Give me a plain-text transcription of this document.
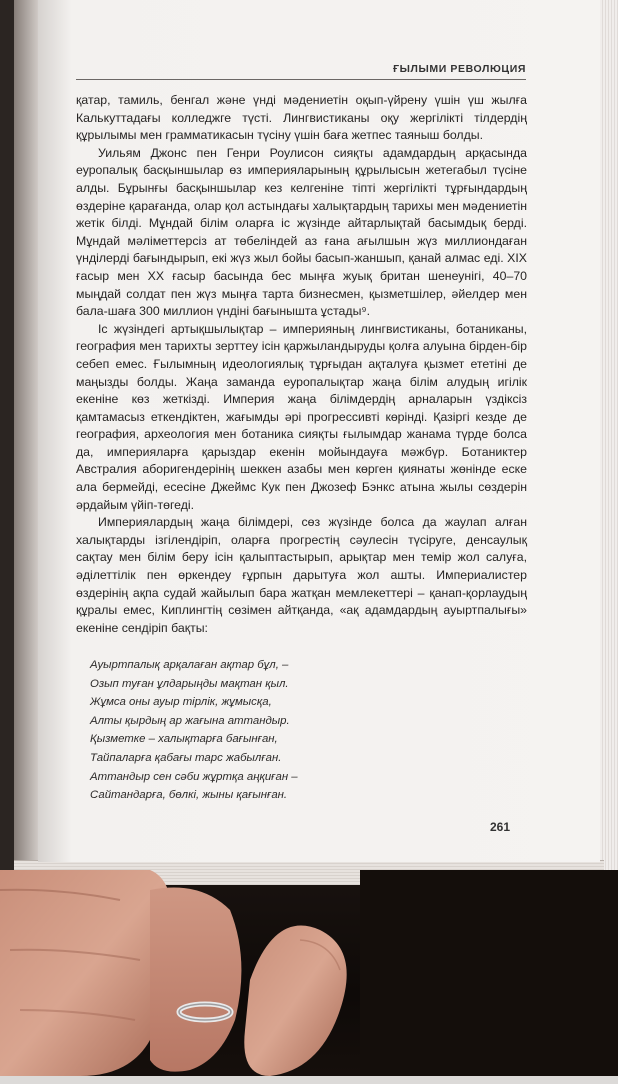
ҒЫЛЫМИ РЕВОЛЮЦИЯ

қатар, тамиль, бенгал және үнді мәдениетін оқып-үйрену үшін үш жылға Калькуттадағы колледжге түсті. Лингвистиканы оқу жергілікті тілдердің құрылымы мен грамматикасын түсіну үшін баға жетпес таяныш болды.

Уильям Джонс пен Генри Роулисон сияқты адамдардың арқасында еуропалық басқыншылар өз империяларының құрылысын жетегабыл түсіне алды. Бұрынғы басқыншылар кез келгеніне тіпті жергілікті тұрғындардың өздеріне қарағанда, олар қол астындағы халықтардың тарихы мен мәдениетін жетік білді. Мұндай білім оларға іс жүзінде айтарлықтай басымдық берді. Мұндай мәліметтерсіз ат төбеліндей аз ғана ағылшын жүз миллиондаған үнділерді бағындырып, екі жүз жыл бойы басып-жаншып, қанай алмас еді. XIX ғасыр мен XX ғасыр басында бес мыңға жуық британ шенеунігі, 40–70 мыңдай солдат пен жүз мыңға тарта бизнесмен, қызметшілер, әйелдер мен бала-шаға 300 миллион үндіні бағыныштa ұстады⁹.

Іс жүзіндегі артықшылықтар – империяның лингвистиканы, ботаниканы, география мен тарихты зерттеу ісін қаржыландыруды қолға алуына бірден-бір себеп емес. Ғылымның идеологиялық тұрғыдан ақталуға қызмет ететіні де маңызды болды. Жаңа заманда еуропалықтар жаңа білім алудың игілік екеніне көз жеткізді. Империя жаңа білімдердің арналарын үздіксіз қамтамасыз еткендіктен, жағымды әрі прогрессивті көрінді. Қазіргі кезде де география, археология мен ботаника сияқты ғылымдар жанама түрде болса да, империяларға қарыздар екенін мойындауға мәжбүр. Ботаниктер Австралия аборигендерінің шеккен азабы мен көрген қиянаты жөнінде еске ала бермейді, есесіне Джеймс Кук пен Джозеф Бэнкс атына жылы сөздерін әрдайым үйіп-төгеді.

Империялардың жаңа білімдері, сөз жүзінде болса да жаулап алған халықтарды ізгілендіріп, оларға прогрестің сәулесін түсіруге, денсаулық сақтау мен білім беру ісін қалыптастырып, арықтар мен темір жол салуға, әділеттілік пен өркендеу ғұрпын дарытуға жол ашты. Империалистер өздерінің ақпа судай жайылып бара жатқан мемлекеттері – қанап-қорлаудың құралы емес, Киплингтің сөзімен айтқанда, «ақ адамдардың ауыртпалығы» екеніне сендіріп бақты:

Ауыртпалық арқалаған ақтар бұл, –
Озып туған ұлдарыңды мақтан қыл.
Жұмса оны ауыр тірлік, жұмысқа,
Алты қырдың ар жағына аттандыр.
Қызметке – халықтарға бағынған,
Тайпаларға қабағы тарс жабылған.
Аттандыр сен сәби жұртқа аңқиған –
Сайтандарға, бөлкі, жыны қағынған.
261
